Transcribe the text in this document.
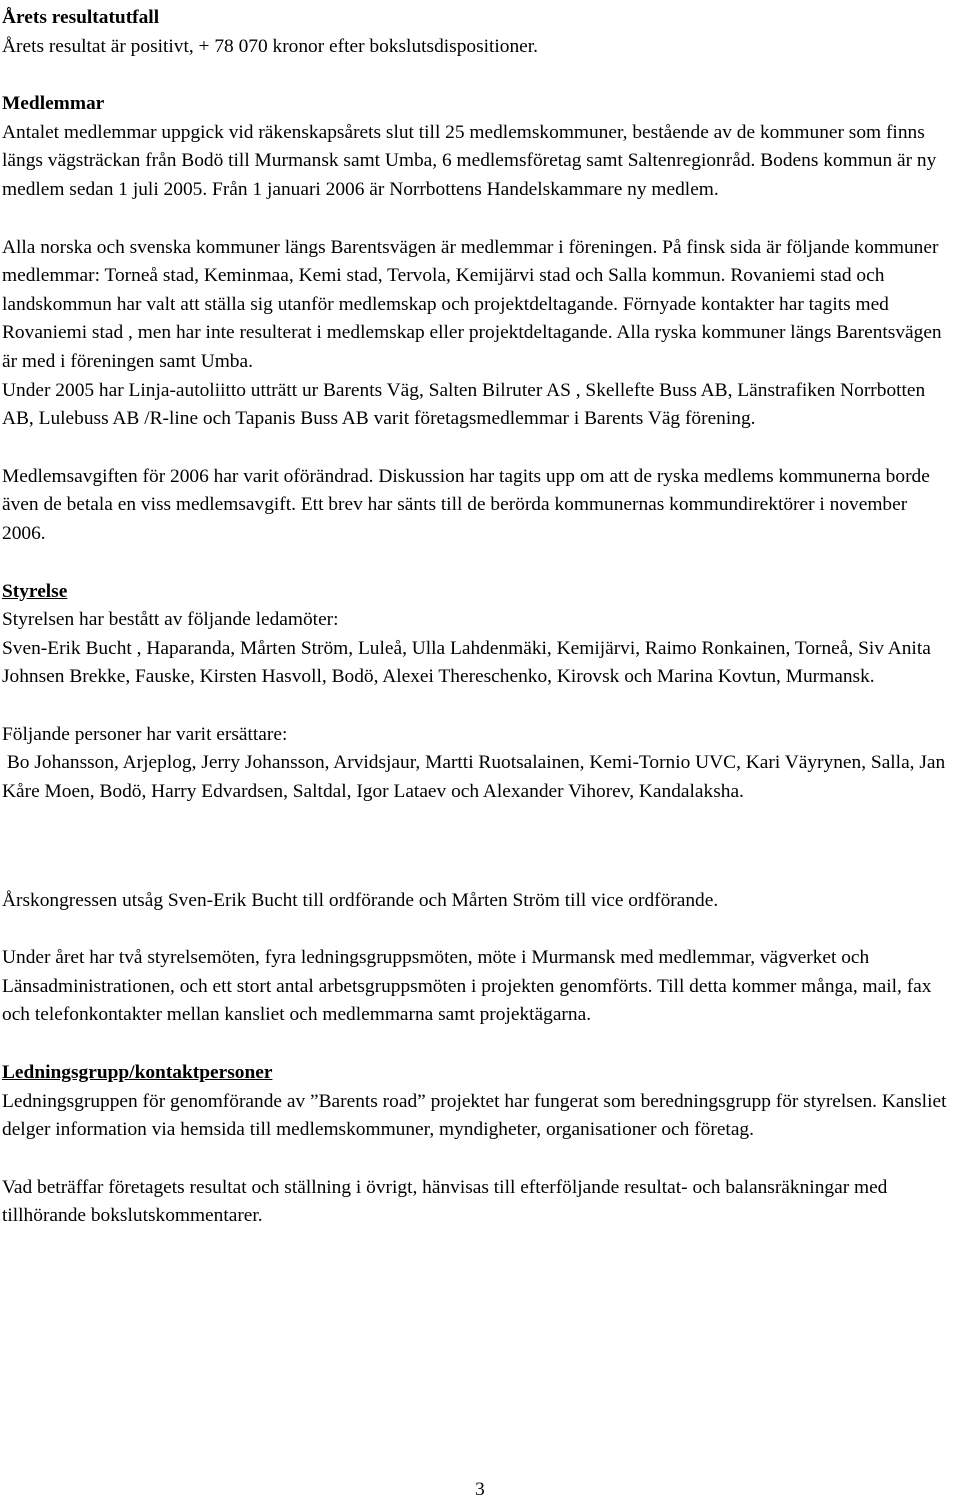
Årets resultatutfall

Årets resultat är positivt, + 78 070 kronor efter bokslutsdispositioner.

Medlemmar

Antalet medlemmar uppgick vid räkenskapsårets slut till 25 medlemskommuner, bestående av de kommuner som finns längs vägsträckan från Bodö till Murmansk samt Umba, 6 medlemsföretag samt Saltenregionråd. Bodens kommun är ny medlem sedan 1 juli 2005. Från 1 januari 2006 är Norrbottens Handelskammare ny medlem.

Alla norska och svenska kommuner längs Barentsvägen är medlemmar i föreningen. På finsk sida är följande kommuner medlemmar: Torneå stad, Keminmaa, Kemi stad, Tervola, Kemijärvi stad och Salla kommun. Rovaniemi stad och landskommun har valt att ställa sig utanför medlemskap och projektdeltagande. Förnyade kontakter har tagits med Rovaniemi stad , men har inte resulterat i medlemskap eller projektdeltagande. Alla ryska kommuner längs Barentsvägen är med i föreningen samt Umba.

Under 2005 har Linja-autoliitto utträtt ur Barents Väg, Salten Bilruter AS , Skellefte Buss AB, Länstrafiken Norrbotten AB, Lulebuss AB /R-line och Tapanis Buss AB varit företagsmedlemmar i Barents Väg förening.

Medlemsavgiften för 2006 har varit oförändrad. Diskussion har tagits upp om att de ryska medlems kommunerna borde även de betala en viss medlemsavgift. Ett brev har sänts till de berörda kommunernas kommundirektörer i november 2006.

Styrelse

Styrelsen har bestått av följande ledamöter:

Sven-Erik Bucht , Haparanda, Mårten Ström, Luleå, Ulla Lahdenmäki, Kemijärvi, Raimo Ronkainen, Torneå, Siv Anita Johnsen Brekke, Fauske, Kirsten Hasvoll, Bodö, Alexei Thereschenko, Kirovsk och Marina Kovtun, Murmansk.

Följande personer har varit ersättare:

Bo Johansson, Arjeplog, Jerry Johansson, Arvidsjaur, Martti Ruotsalainen, Kemi-Tornio UVC, Kari Väyrynen, Salla, Jan Kåre Moen, Bodö, Harry Edvardsen, Saltdal, Igor Lataev och Alexander Vihorev, Kandalaksha.

Årskongressen utsåg Sven-Erik Bucht till ordförande och Mårten Ström till vice ordförande.

Under året har två styrelsemöten, fyra ledningsgruppsmöten, möte i Murmansk med medlemmar, vägverket och Länsadministrationen, och ett stort antal arbetsgruppsmöten i projekten genomförts. Till detta kommer många, mail, fax och telefonkontakter mellan kansliet och medlemmarna samt projektägarna.

Ledningsgrupp/kontaktpersoner

Ledningsgruppen för genomförande av ”Barents road” projektet har fungerat som beredningsgrupp för styrelsen. Kansliet delger information via hemsida till medlemskommuner, myndigheter, organisationer och företag.

Vad beträffar företagets resultat och ställning i övrigt, hänvisas till efterföljande resultat- och balansräkningar med tillhörande bokslutskommentarer.

3
